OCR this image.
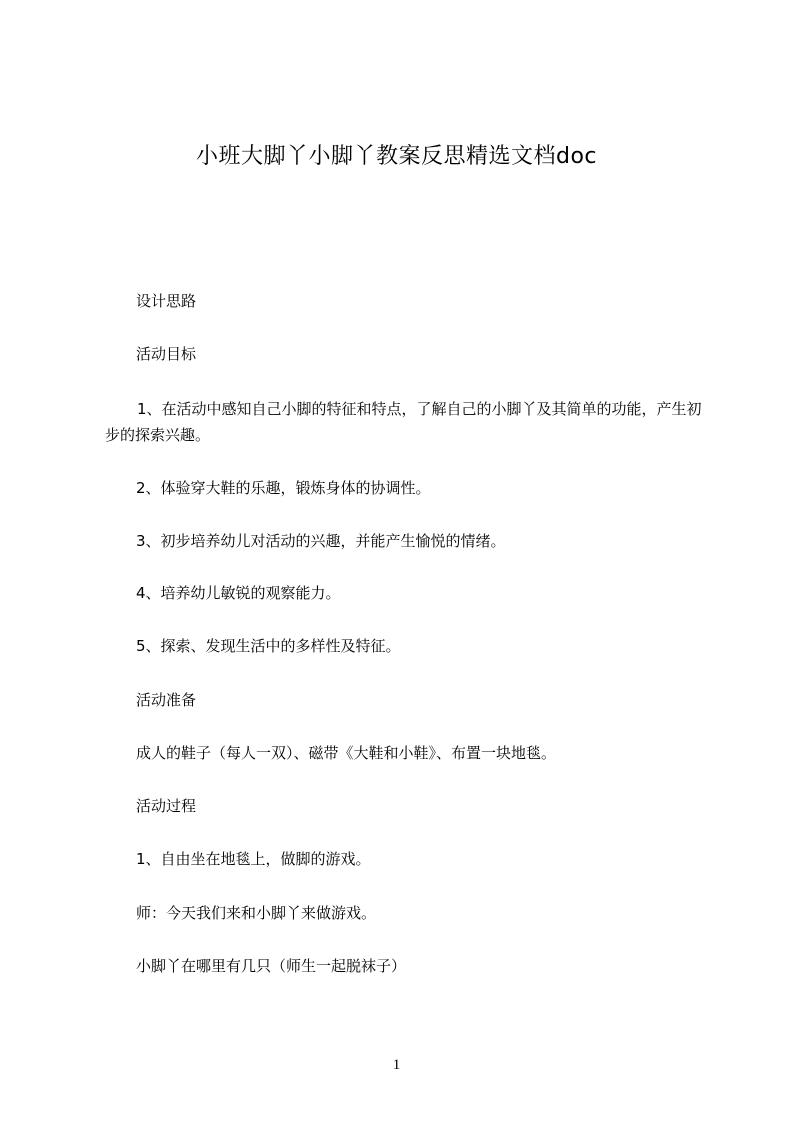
小班大脚丫小脚丫教案反思精选文档doc
设计思路
活动目标
1、在活动中感知自己小脚的特征和特点，了解自己的小脚丫及其简单的功能，产生初步的探索兴趣。
2、体验穿大鞋的乐趣，锻炼身体的协调性。
3、初步培养幼儿对活动的兴趣，并能产生愉悦的情绪。
4、培养幼儿敏锐的观察能力。
5、探索、发现生活中的多样性及特征。
活动准备
成人的鞋子（每人一双）、磁带《大鞋和小鞋》、布置一块地毯。
活动过程
1、自由坐在地毯上，做脚的游戏。
师：今天我们来和小脚丫来做游戏。
小脚丫在哪里有几只（师生一起脱袜子）
1
